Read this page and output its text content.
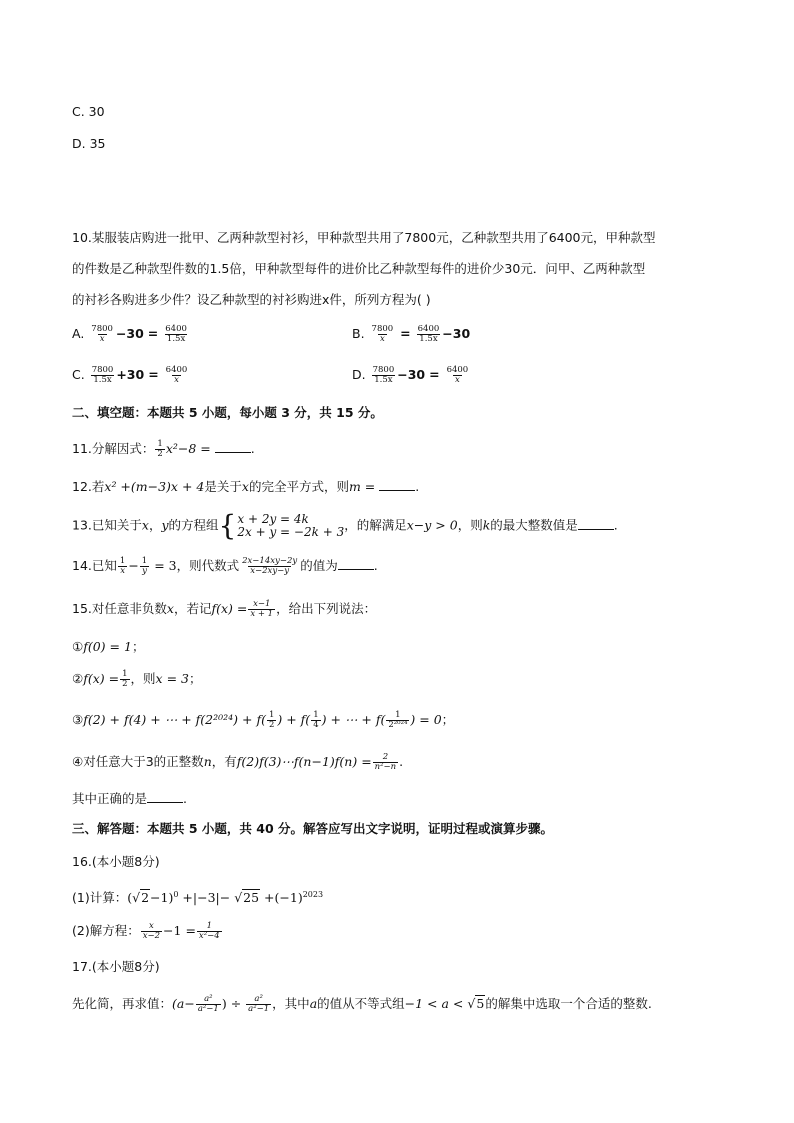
C. 30
D. 35
10.某服装店购进一批甲、乙两种款型衬衫，甲种款型共用了7800元，乙种款型共用了6400元，甲种款型
的件数是乙种款型件数的1.5倍，甲种款型每件的进价比乙种款型每件的进价少30元．问甲、乙两种款型
的衬衫各购进多少件？设乙种款型的衬衫购进x件，所列方程为( )
A. $\frac{7800}{x} -30 = \frac{6400}{1.5x}$	B. $\frac{7800}{x} = \frac{6400}{1.5x} -30$
C. $\frac{7800}{1.5x} +30 = \frac{6400}{x}$	D. $\frac{7800}{1.5x} -30 = \frac{6400}{x}$
二、填空题：本题共 5 小题，每小题 3 分，共 15 分。
11.分解因式： $\frac{1}{2} x^2-8$ =	.
12.若x² +(m−3)x + 4是关于x的完全平方式，则m =	.
13.已知关于x，y的方程组 { x + 2y = 4k
2x + y = −2k + 3 ，的解满足x−y > 0，则k的最大整数值是	.
14.已知 $\frac{1}{x} - \frac{1}{y} = 3$，则代数式 $\frac{2x-14xy-2y}{x-2xy-y}$ 的值为	.
15.对任意非负数x，若记$f(x) = \frac{x-1}{x + 1}$ ，给出下列说法：
①f(0) = 1；
②f(x) = $\frac{1}{2}$ ，则x = 3；
③f(2) + f(4) + ⋯ + $f(2^{2024}) + f( \frac{1}{2}$ ) + $f( \frac{1}{4}$ ) + ⋯ + $f( \frac{1}{\text{2²⁰²⁴}}$ ) = 0；
④对任意大于3的正整数n，有f(2)f(3)⋯f(n−1)f(n) = $\frac{2}{\text{n²−n}}$ .
其中正确的是	.
三、解答题：本题共 5 小题，共 40 分。解答应写出文字说明，证明过程或演算步骤。
16.(本小题8分)
(1)计算：$(√2-1)^0 +|-3|- √25 +(-1)^{2023}$
(2)解方程： $\frac{x}{x-2} -1 = \frac{1}{\text{x²−4}}$
17.(本小题8分)
先化简，再求值：($a- \frac{\text{a²}}{\text{a²−1}}$ ) ÷ $\frac{\text{a²}}{\text{a²−1}}$ ，其中a的值从不等式组−1 < a < √5的解集中选取一个合适的整数.
